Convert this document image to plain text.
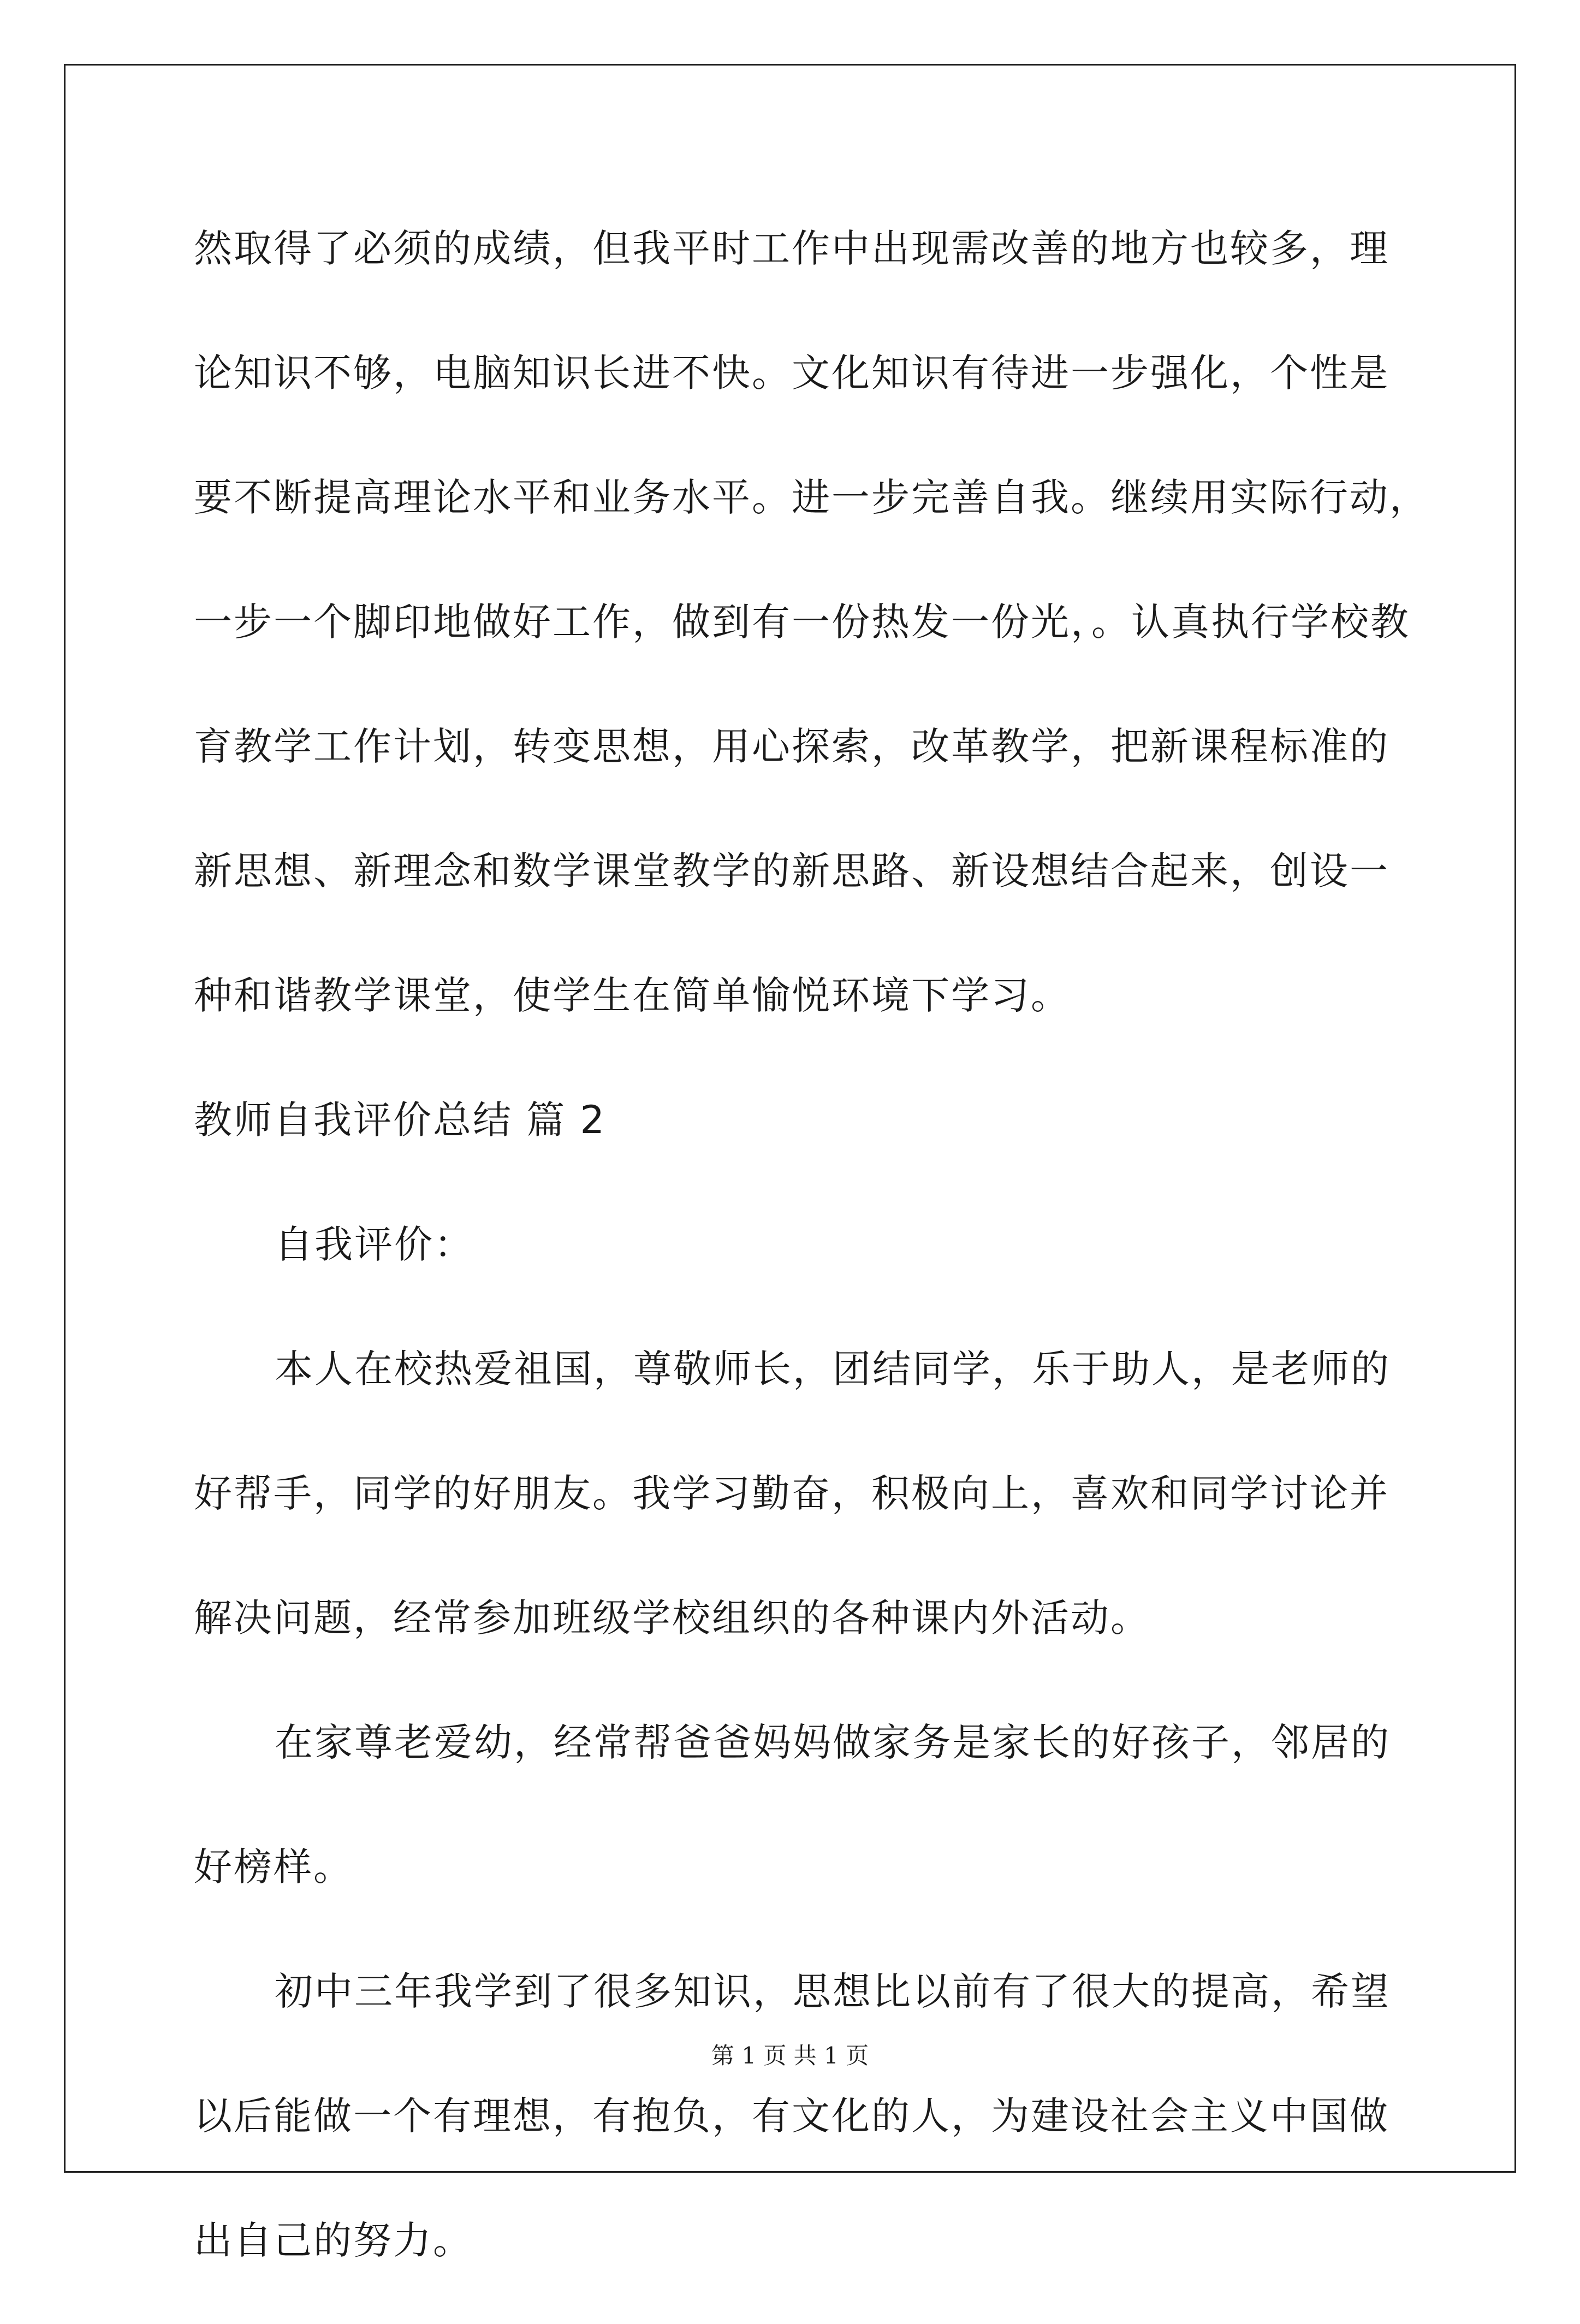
然取得了必须的成绩，但我平时工作中出现需改善的地方也较多，理
论知识不够，电脑知识长进不快。文化知识有待进一步强化，个性是
要不断提高理论水平和业务水平。进一步完善自我。继续用实际行动，
一步一个脚印地做好工作，做到有一份热发一份光，。认真执行学校教
育教学工作计划，转变思想，用心探索，改革教学，把新课程标准的
新思想、新理念和数学课堂教学的新思路、新设想结合起来，创设一
种和谐教学课堂，使学生在简单愉悦环境下学习。
教师自我评价总结 篇 2
自我评价：
本人在校热爱祖国，尊敬师长，团结同学，乐于助人，是老师的
好帮手，同学的好朋友。我学习勤奋，积极向上，喜欢和同学讨论并
解决问题，经常参加班级学校组织的各种课内外活动。
在家尊老爱幼，经常帮爸爸妈妈做家务是家长的好孩子，邻居的
好榜样。
初中三年我学到了很多知识，思想比以前有了很大的提高，希望
以后能做一个有理想，有抱负，有文化的人，为建设社会主义中国做
出自己的努力。
第 1 页 共 1 页
